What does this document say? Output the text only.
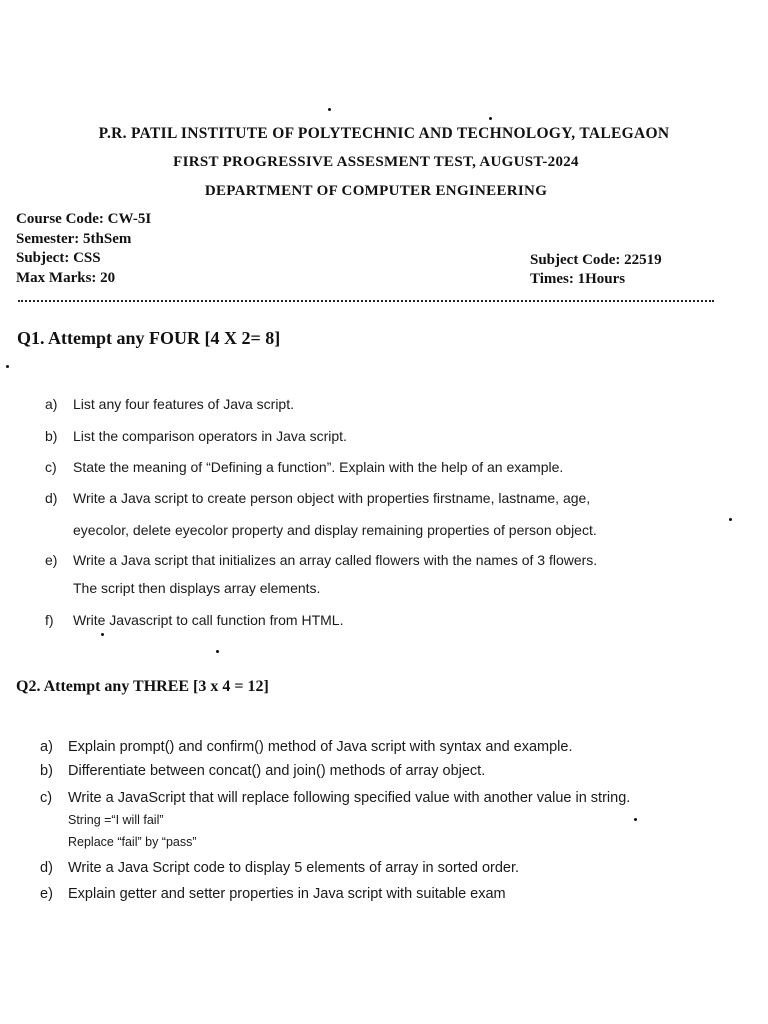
P.R. PATIL INSTITUTE OF POLYTECHNIC AND TECHNOLOGY, TALEGAON
FIRST PROGRESSIVE ASSESMENT TEST, AUGUST-2024
DEPARTMENT OF COMPUTER ENGINEERING
Course Code: CW-5I
Semester: 5thSem
Subject: CSS
Max Marks: 20
Subject Code: 22519
Times: 1Hours
Q1. Attempt any FOUR [4 X 2= 8]
a) List any four features of Java script.
b) List the comparison operators in Java script.
c) State the meaning of “Defining a function”. Explain with the help of an example.
d) Write a Java script to create person object with properties firstname, lastname, age,
eyecolor, delete eyecolor property and display remaining properties of person object.
e) Write a Java script that initializes an array called flowers with the names of 3 flowers.
The script then displays array elements.
f) Write Javascript to call function from HTML.
Q2. Attempt any THREE [3 x 4 = 12]
a) Explain prompt() and confirm() method of Java script with syntax and example.
b) Differentiate between concat() and join() methods of array object.
c) Write a JavaScript that will replace following specified value with another value in string.
String =“I will fail”
Replace “fail” by “pass”
d) Write a Java Script code to display 5 elements of array in sorted order.
e) Explain getter and setter properties in Java script with suitable exam
